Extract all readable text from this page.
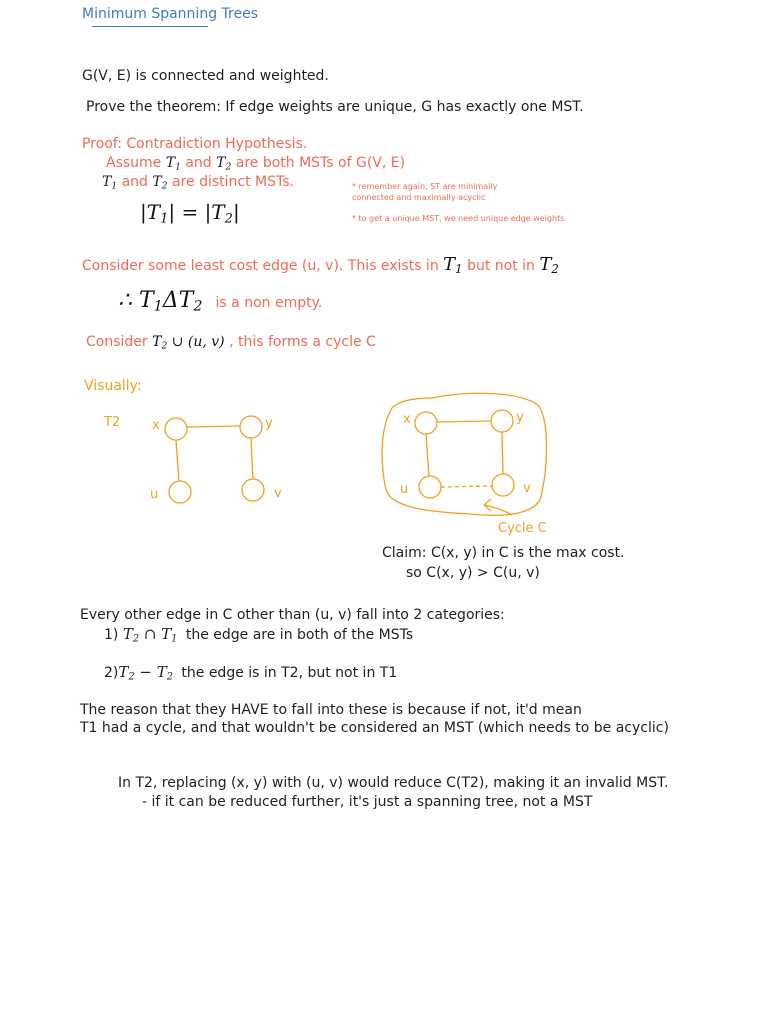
Minimum Spanning Trees
G(V, E) is connected and weighted.
Prove the theorem: If edge weights are unique, G has exactly one MST.
Proof: Contradiction Hypothesis.
Assume $T_1$ and $T_2$ are both MSTs of G(V, E)
$T_1$ and $T_2$ are distinct MSTs.
$|T_1| = |T_2|$
* remember again, ST are minimally
connected and maximally acyclic
* to get a unique MST, we need unique edge weights
Consider some least cost edge (u, v). This exists in $T_1$ but not in $T_2$
∴ $T_1\Delta T_2$ is a non empty.
Consider $T_2$ ∪ (u, v) , this forms a cycle C
Visually:
T2 x	y
u	v
x	y
u	v
Cycle C
Claim: C(x, y) in C is the max cost.
so C(x, y) > C(u, v)
Every other edge in C other than (u, v) fall into 2 categories:
1) $T_2$ ∩ $T_1$ the edge are in both of the MSTs
$2)T_2 - T_2$ the edge is in T2, but not in T1
The reason that they HAVE to fall into these is because if not, it'd mean
T1 had a cycle, and that wouldn't be considered an MST (which needs to be acyclic)
In T2, replacing (x, y) with (u, v) would reduce C(T2), making it an invalid MST.
- if it can be reduced further, it's just a spanning tree, not a MST
